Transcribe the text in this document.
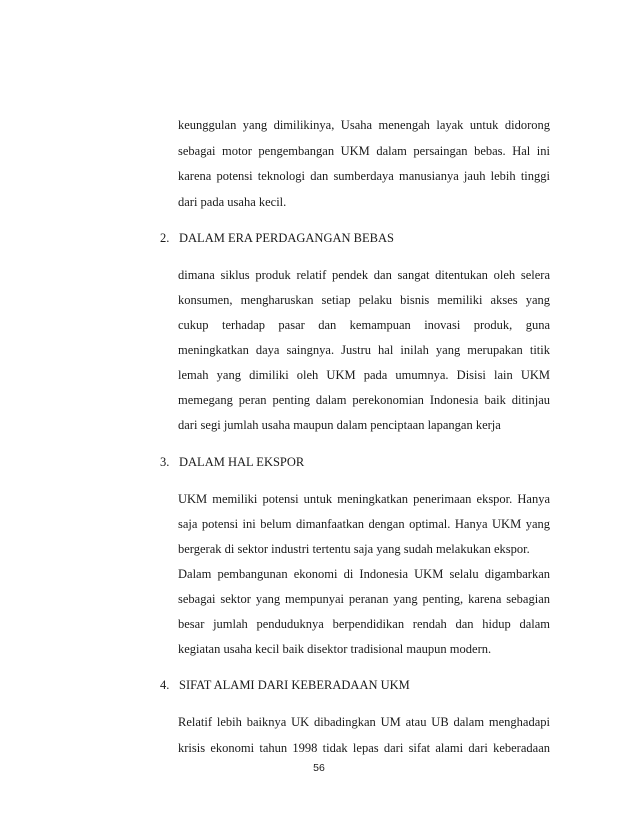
keunggulan yang dimilikinya, Usaha menengah layak untuk didorong
sebagai motor pengembangan UKM dalam persaingan bebas. Hal ini
karena potensi teknologi dan sumberdaya manusianya jauh lebih tinggi
dari pada usaha kecil.
2. DALAM ERA PERDAGANGAN BEBAS
dimana siklus produk relatif pendek dan sangat ditentukan oleh selera
konsumen, mengharuskan setiap pelaku bisnis memiliki akses yang
cukup terhadap pasar dan kemampuan inovasi produk, guna
meningkatkan daya saingnya. Justru hal inilah yang merupakan titik
lemah yang dimiliki oleh UKM pada umumnya. Disisi lain UKM
memegang peran penting dalam perekonomian Indonesia baik ditinjau
dari segi jumlah usaha maupun dalam penciptaan lapangan kerja
3. DALAM HAL EKSPOR
UKM memiliki potensi untuk meningkatkan penerimaan ekspor. Hanya
saja potensi ini belum dimanfaatkan dengan optimal. Hanya UKM yang
bergerak di sektor industri tertentu saja yang sudah melakukan ekspor.
Dalam pembangunan ekonomi di Indonesia UKM selalu digambarkan
sebagai sektor yang mempunyai peranan yang penting, karena sebagian
besar jumlah penduduknya berpendidikan rendah dan hidup dalam
kegiatan usaha kecil baik disektor tradisional maupun modern.
4. SIFAT ALAMI DARI KEBERADAAN UKM
Relatif lebih baiknya UK dibadingkan UM atau UB dalam menghadapi
krisis ekonomi tahun 1998 tidak lepas dari sifat alami dari keberadaan
56
